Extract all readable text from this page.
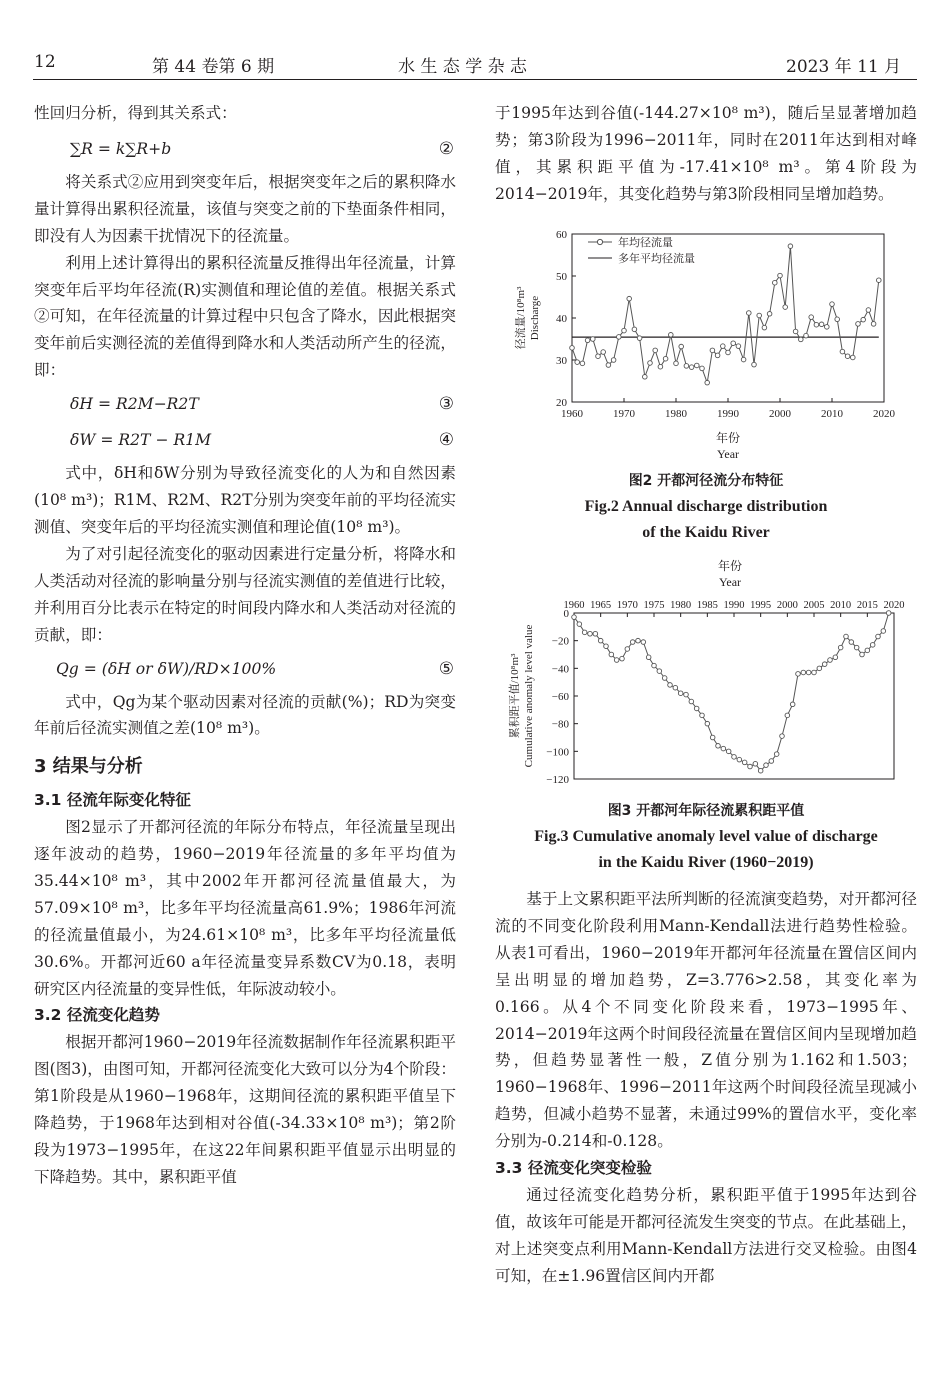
12	第 44 卷第 6 期	水 生 态 学 杂 志	2023 年 11 月

性回归分析，得到其关系式：

∑R = k∑R+b	②

将关系式②应用到突变年后，根据突变年之后的累积降水量计算得出累积径流量，该值与突变之前的下垫面条件相同，即没有人为因素干扰情况下的径流量。

利用上述计算得出的累积径流量反推得出年径流量，计算突变年后平均年径流(R)实测值和理论值的差值。根据关系式②可知，在年径流量的计算过程中只包含了降水，因此根据突变年前后实测径流的差值得到降水和人类活动所产生的径流，即：

δH = R2M−R2T	③
δW = R2T − R1M	④

式中，δH和δW分别为导致径流变化的人为和自然因素(10⁸ m³)；R1M、R2M、R2T分别为突变年前的平均径流实测值、突变年后的平均径流实测值和理论值(10⁸ m³)。

为了对引起径流变化的驱动因素进行定量分析，将降水和人类活动对径流的影响量分别与径流实测值的差值进行比较，并利用百分比表示在特定的时间段内降水和人类活动对径流的贡献，即：

Qg = (δH or δW)/RD×100%	⑤

式中，Qg为某个驱动因素对径流的贡献(%)；RD为突变年前后径流实测值之差(10⁸ m³)。

3 结果与分析

3.1 径流年际变化特征

图2显示了开都河径流的年际分布特点，年径流量呈现出逐年波动的趋势，1960−2019年径流量的多年平均值为35.44×10⁸ m³，其中2002年开都河径流量值最大，为57.09×10⁸ m³，比多年平均径流量高61.9%；1986年河流的径流量值最小，为24.61×10⁸ m³，比多年平均径流量低30.6%。开都河近60 a年径流量变异系数CV为0.18，表明研究区内径流量的变异性低，年际波动较小。

3.2 径流变化趋势

根据开都河1960−2019年径流数据制作年径流累积距平图(图3)，由图可知，开都河径流变化大致可以分为4个阶段：第1阶段是从1960−1968年，这期间径流的累积距平值呈下降趋势，于1968年达到相对谷值(-34.33×10⁸ m³)；第2阶段为1973−1995年，在这22年间累积距平值显示出明显的下降趋势。其中，累积距平值

于1995年达到谷值(-144.27×10⁸ m³)，随后呈显著增加趋势；第3阶段为1996−2011年，同时在2011年达到相对峰值，其累积距平值为-17.41×10⁸ m³。第4阶段为2014−2019年，其变化趋势与第3阶段相同呈增加趋势。

1960	1970	1980	1990	2000	2010	2020
20
30
40
50
60
年均径流量
多年平均径流量
径流量/10⁸m³ Discharge
年份
Year
图2 开都河径流分布特征
Fig.2 Annual discharge distribution
of the Kaidu River
年份
Year
1960 1965 1970 1975 1980 1985 1990 1995 2000 2005 2010 2015 2020
0
−20
−40
−60
−80
−100
−120
累积距平值/10⁸m³ Cumulative anomaly level value
图3 开都河年际径流累积距平值
Fig.3 Cumulative anomaly level value of discharge
in the Kaidu River (1960−2019)

基于上文累积距平法所判断的径流演变趋势，对开都河径流的不同变化阶段利用Mann-Kendall法进行趋势性检验。从表1可看出，1960−2019年开都河年径流量在置信区间内呈出明显的增加趋势，Z=3.776>2.58，其变化率为0.166。从4个不同变化阶段来看，1973−1995年、2014−2019年这两个时间段径流量在置信区间内呈现增加趋势，但趋势显著性一般，Z值分别为1.162和1.503；1960−1968年、1996−2011年这两个时间段径流呈现减小趋势，但减小趋势不显著，未通过99%的置信水平，变化率分别为-0.214和-0.128。

3.3 径流变化突变检验

通过径流变化趋势分析，累积距平值于1995年达到谷值，故该年可能是开都河径流发生突变的节点。在此基础上，对上述突变点利用Mann-Kendall方法进行交叉检验。由图4可知，在±1.96置信区间内开都
